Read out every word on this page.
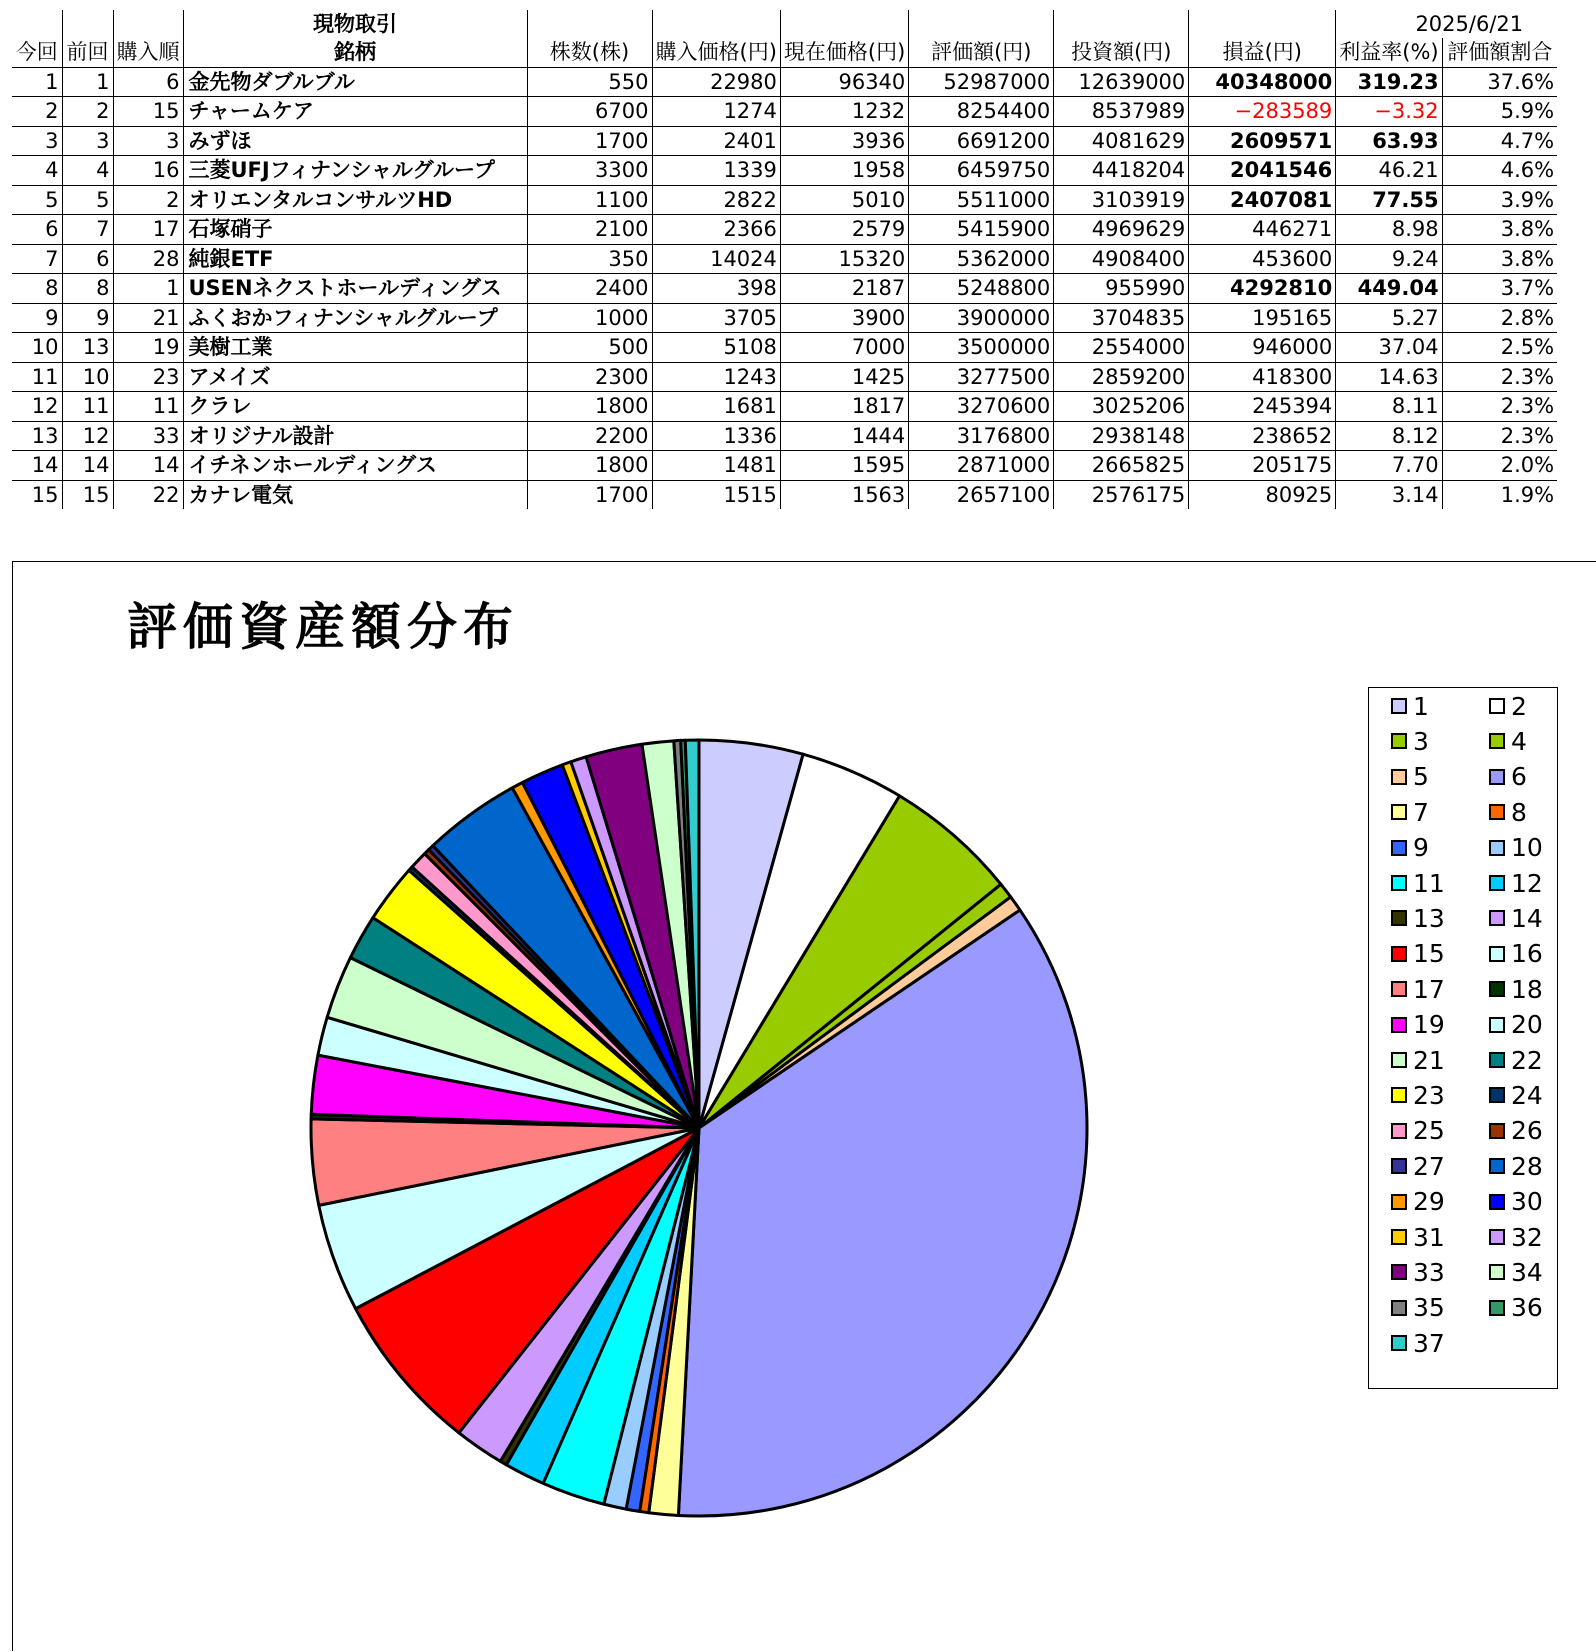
			現物取引							2025/6/21	
今回	前回	購入順	銘柄	株数(株)	購入価格(円)	現在価格(円)	評価額(円)	投資額(円)	損益(円)	利益率(%)	評価額割合
1	1	6	金先物ダブルブル	550	22980	96340	52987000	12639000	40348000	319.23	37.6%
2	2	15	チャームケア	6700	1274	1232	8254400	8537989	−283589	−3.32	5.9%
3	3	3	みずほ	1700	2401	3936	6691200	4081629	2609571	63.93	4.7%
4	4	16	三菱UFJフィナンシャルグループ	3300	1339	1958	6459750	4418204	2041546	46.21	4.6%
5	5	2	オリエンタルコンサルツHD	1100	2822	5010	5511000	3103919	2407081	77.55	3.9%
6	7	17	石塚硝子	2100	2366	2579	5415900	4969629	446271	8.98	3.8%
7	6	28	純銀ETF	350	14024	15320	5362000	4908400	453600	9.24	3.8%
8	8	1	USENネクストホールディングス	2400	398	2187	5248800	955990	4292810	449.04	3.7%
9	9	21	ふくおかフィナンシャルグループ	1000	3705	3900	3900000	3704835	195165	5.27	2.8%
10	13	19	美樹工業	500	5108	7000	3500000	2554000	946000	37.04	2.5%
11	10	23	アメイズ	2300	1243	1425	3277500	2859200	418300	14.63	2.3%
12	11	11	クラレ	1800	1681	1817	3270600	3025206	245394	8.11	2.3%
13	12	33	オリジナル設計	2200	1336	1444	3176800	2938148	238652	8.12	2.3%
14	14	14	イチネンホールディングス	1800	1481	1595	2871000	2665825	205175	7.70	2.0%
15	15	22	カナレ電気	1700	1515	1563	2657100	2576175	80925	3.14	1.9%
評価資産額分布
1	2
3	4
5	6
7	8
9	10
11	12
13	14
15	16
17	18
19	20
21	22
23	24
25	26
27	28
29	30
31	32
33	34
35	36
37
